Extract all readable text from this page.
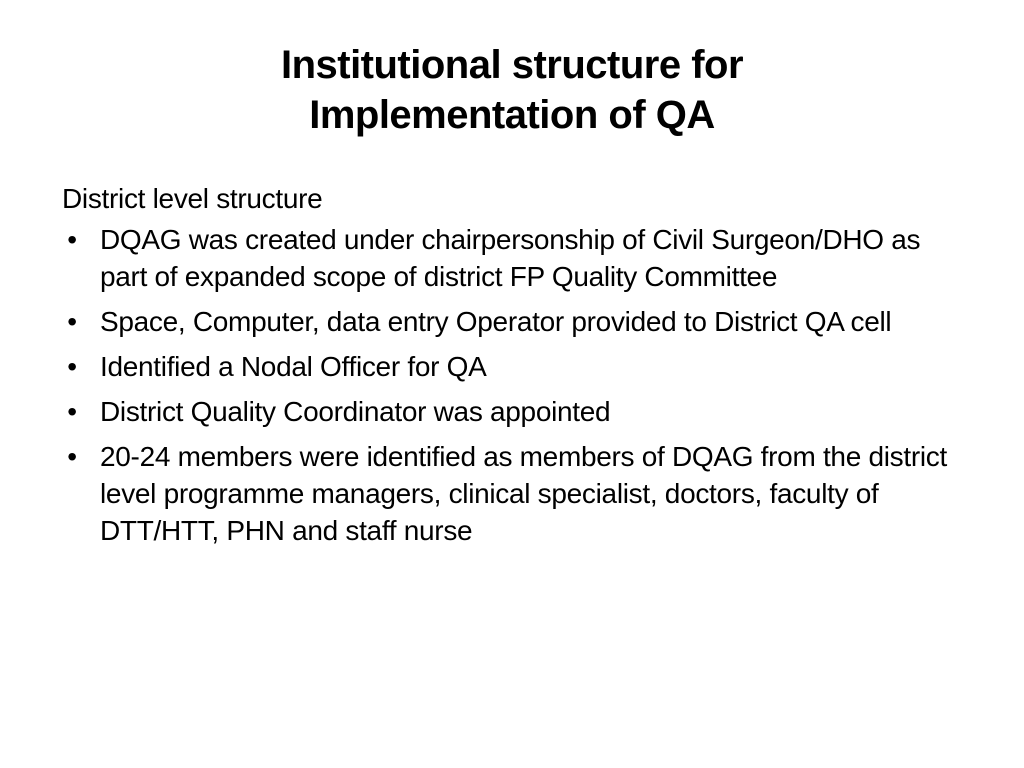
Institutional structure for
Implementation of QA

District level structure

• DQAG was created under chairpersonship of Civil Surgeon/DHO as part of expanded scope of district FP Quality Committee
• Space, Computer, data entry Operator provided to District QA cell
• Identified a Nodal Officer for QA
• District Quality Coordinator was appointed
• 20-24 members were identified as members of DQAG from the district level programme managers, clinical specialist, doctors, faculty of DTT/HTT, PHN and staff nurse
